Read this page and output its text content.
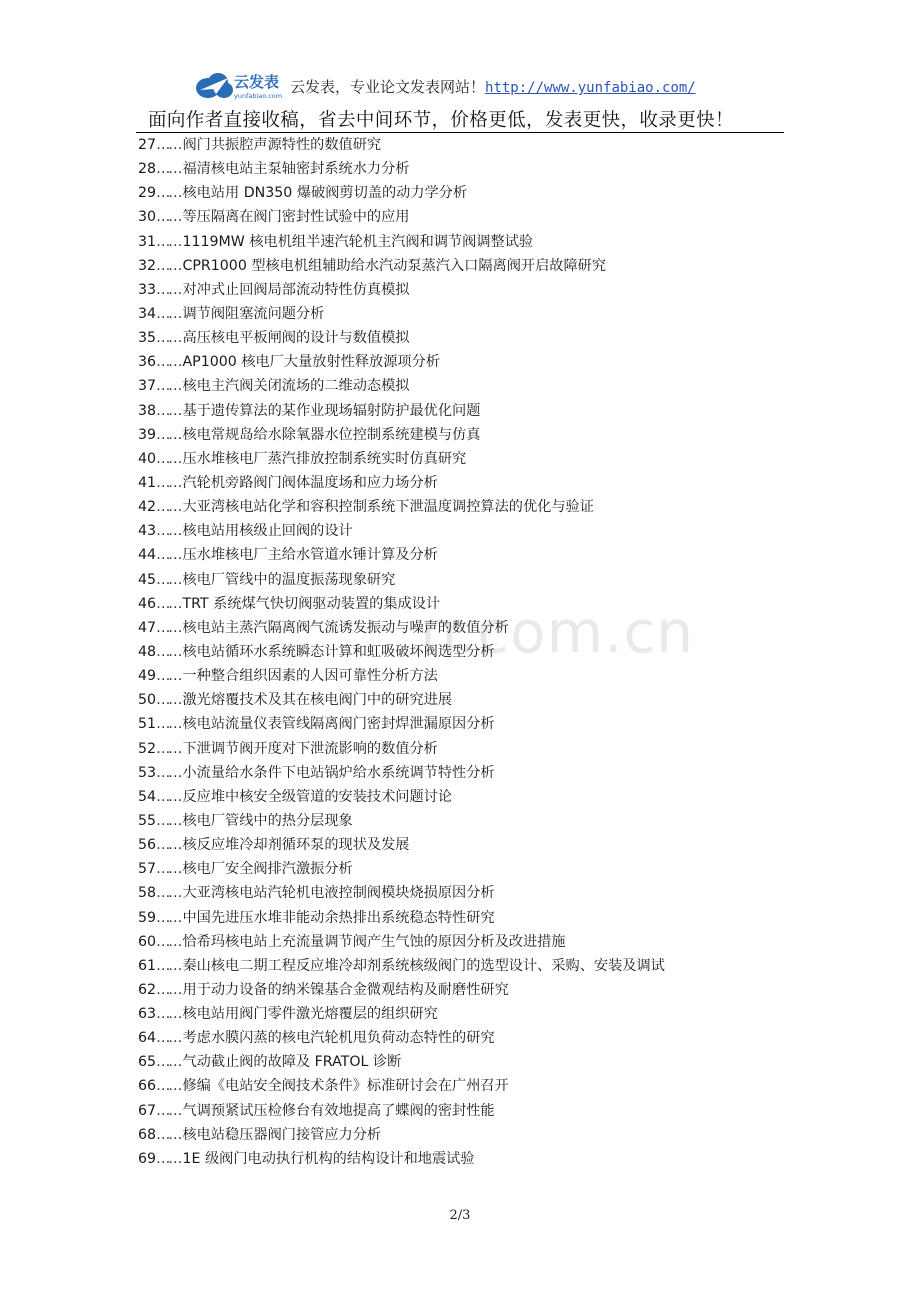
云发表
yunfabiao.com 云发表，专业论文发表网站！http://www.yunfabiao.com/
面向作者直接收稿，省去中间环节，价格更低，发表更快，收录更快！
n.com.cn
27…… 阀门共振腔声源特性的数值研究
28…… 福清核电站主泵轴密封系统水力分析
29…… 核电站用 DN350 爆破阀剪切盖的动力学分析
30…… 等压隔离在阀门密封性试验中的应用
31…… 1119MW 核电机组半速汽轮机主汽阀和调节阀调整试验
32…… CPR1000 型核电机组辅助给水汽动泵蒸汽入口隔离阀开启故障研究
33…… 对冲式止回阀局部流动特性仿真模拟
34…… 调节阀阻塞流问题分析
35…… 高压核电平板闸阀的设计与数值模拟
36…… AP1000 核电厂大量放射性释放源项分析
37…… 核电主汽阀关闭流场的二维动态模拟
38…… 基于遗传算法的某作业现场辐射防护最优化问题
39…… 核电常规岛给水除氧器水位控制系统建模与仿真
40…… 压水堆核电厂蒸汽排放控制系统实时仿真研究
41…… 汽轮机旁路阀门阀体温度场和应力场分析
42…… 大亚湾核电站化学和容积控制系统下泄温度调控算法的优化与验证
43…… 核电站用核级止回阀的设计
44…… 压水堆核电厂主给水管道水锤计算及分析
45…… 核电厂管线中的温度振荡现象研究
46…… TRT 系统煤气快切阀驱动装置的集成设计
47…… 核电站主蒸汽隔离阀气流诱发振动与噪声的数值分析
48…… 核电站循环水系统瞬态计算和虹吸破坏阀选型分析
49…… 一种整合组织因素的人因可靠性分析方法
50…… 激光熔覆技术及其在核电阀门中的研究进展
51…… 核电站流量仪表管线隔离阀门密封焊泄漏原因分析
52…… 下泄调节阀开度对下泄流影响的数值分析
53…… 小流量给水条件下电站锅炉给水系统调节特性分析
54…… 反应堆中核安全级管道的安装技术问题讨论
55…… 核电厂管线中的热分层现象
56…… 核反应堆冷却剂循环泵的现状及发展
57…… 核电厂安全阀排汽激振分析
58…… 大亚湾核电站汽轮机电液控制阀模块烧损原因分析
59…… 中国先进压水堆非能动余热排出系统稳态特性研究
60…… 恰希玛核电站上充流量调节阀产生气蚀的原因分析及改进措施
61…… 秦山核电二期工程反应堆冷却剂系统核级阀门的选型设计、采购、安装及调试
62…… 用于动力设备的纳米镍基合金微观结构及耐磨性研究
63…… 核电站用阀门零件激光熔覆层的组织研究
64…… 考虑水膜闪蒸的核电汽轮机甩负荷动态特性的研究
65…… 气动截止阀的故障及 FRATOL 诊断
66…… 修编《电站安全阀技术条件》标准研讨会在广州召开
67…… 气调预紧试压检修台有效地提高了蝶阀的密封性能
68…… 核电站稳压器阀门接管应力分析
69…… 1E 级阀门电动执行机构的结构设计和地震试验
2/3
